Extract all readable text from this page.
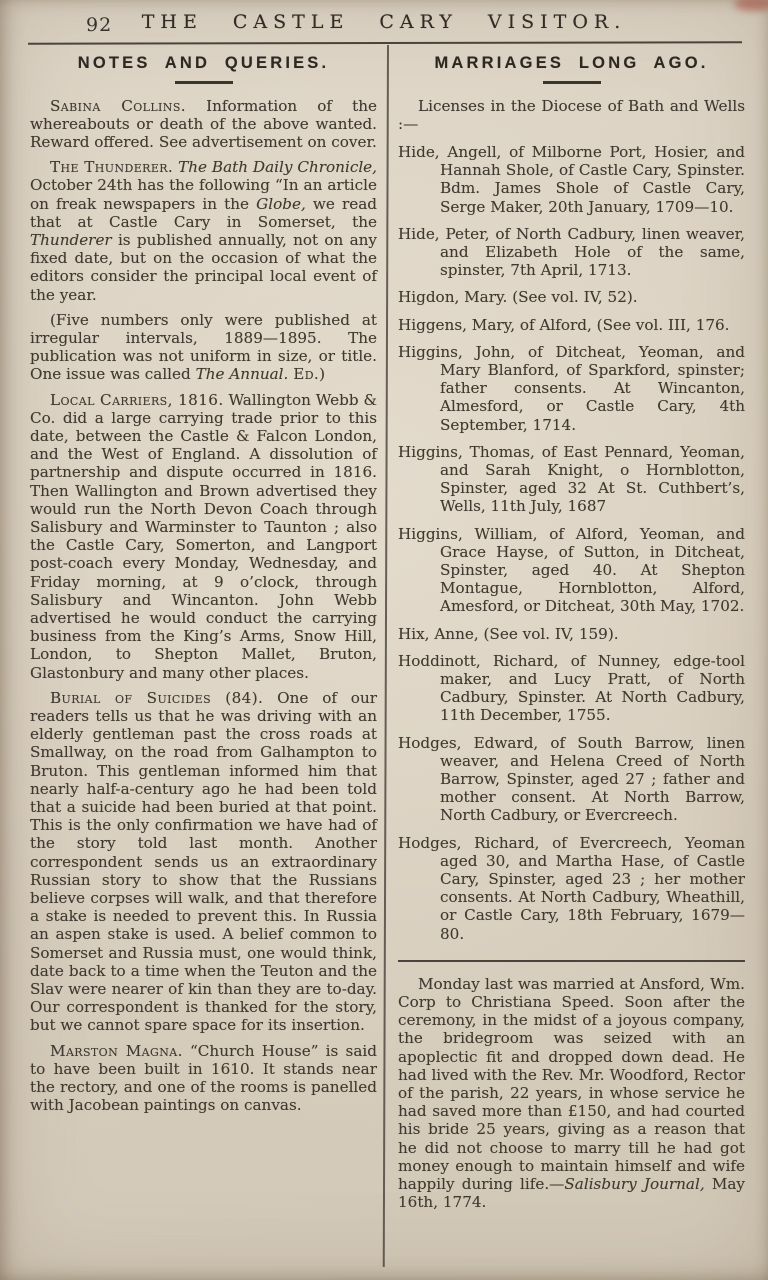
92	THE CASTLE CARY VISITOR.
NOTES AND QUERIES.

Sabina Collins. Information of the whereabouts or death of the above wanted. Reward offered. See advertisement on cover.

The Thunderer. The Bath Daily Chronicle, October 24th has the following “In an article on freak newspapers in the Globe, we read that at Castle Cary in Somerset, the Thunderer is published annually, not on any fixed date, but on the occasion of what the editors consider the principal local event of the year.

(Five numbers only were published at irregular intervals, 1889—1895. The publication was not uniform in size, or title. One issue was called The Annual. Ed.)

Local Carriers, 1816. Wallington Webb & Co. did a large carrying trade prior to this date, between the Castle & Falcon London, and the West of England. A dissolution of partnership and dispute occurred in 1816. Then Wallington and Brown advertised they would run the North Devon Coach through Salisbury and Warminster to Taunton ; also the Castle Cary, Somerton, and Langport post-coach every Monday, Wednesday, and Friday morning, at 9 o’clock, through Salisbury and Wincanton. John Webb advertised he would conduct the carrying business from the King’s Arms, Snow Hill, London, to Shepton Mallet, Bruton, Glastonbury and many other places.

Burial of Suicides (84). One of our readers tells us that he was driving with an elderly gentleman past the cross roads at Smallway, on the road from Galhampton to Bruton. This gentleman informed him that nearly half-a-century ago he had been told that a suicide had been buried at that point. This is the only confirmation we have had of the story told last month. Another correspondent sends us an extraordinary Russian story to show that the Russians believe corpses will walk, and that therefore a stake is needed to prevent this. In Russia an aspen stake is used. A belief common to Somerset and Russia must, one would think, date back to a time when the Teuton and the Slav were nearer of kin than they are to-day. Our correspondent is thanked for the story, but we cannot spare space for its insertion.

Marston Magna. “Church House” is said to have been built in 1610. It stands near the rectory, and one of the rooms is panelled with Jacobean paintings on canvas.

MARRIAGES LONG AGO.

Licenses in the Diocese of Bath and Wells :—

Hide, Angell, of Milborne Port, Hosier, and Hannah Shole, of Castle Cary, Spinster. Bdm. James Shole of Castle Cary, Serge Maker, 20th January, 1709—10.

Hide, Peter, of North Cadbury, linen weaver, and Elizabeth Hole of the same, spinster, 7th April, 1713.

Higdon, Mary. (See vol. IV, 52).

Higgens, Mary, of Alford, (See vol. III, 176.

Higgins, John, of Ditcheat, Yeoman, and Mary Blanford, of Sparkford, spinster; father consents. At Wincanton, Almesford, or Castle Cary, 4th September, 1714.

Higgins, Thomas, of East Pennard, Yeoman, and Sarah Knight, o Hornblotton, Spinster, aged 32 At St. Cuthbert’s, Wells, 11th July, 1687

Higgins, William, of Alford, Yeoman, and Grace Hayse, of Sutton, in Ditcheat, Spinster, aged 40. At Shepton Montague, Hornblotton, Alford, Amesford, or Ditcheat, 30th May, 1702.

Hix, Anne, (See vol. IV, 159).

Hoddinott, Richard, of Nunney, edge-tool maker, and Lucy Pratt, of North Cadbury, Spinster. At North Cadbury, 11th December, 1755.

Hodges, Edward, of South Barrow, linen weaver, and Helena Creed of North Barrow, Spinster, aged 27 ; father and mother consent. At North Barrow, North Cadbury, or Evercreech.

Hodges, Richard, of Evercreech, Yeoman aged 30, and Martha Hase, of Castle Cary, Spinster, aged 23 ; her mother consents. At North Cadbury, Wheathill, or Castle Cary, 18th February, 1679—80.

Monday last was married at Ansford, Wm. Corp to Christiana Speed. Soon after the ceremony, in the midst of a joyous company, the bridegroom was seized with an apoplectic fit and dropped down dead. He had lived with the Rev. Mr. Woodford, Rector of the parish, 22 years, in whose service he had saved more than £150, and had courted his bride 25 years, giving as a reason that he did not choose to marry till he had got money enough to maintain himself and wife happily during life.—Salisbury Journal, May 16th, 1774.
